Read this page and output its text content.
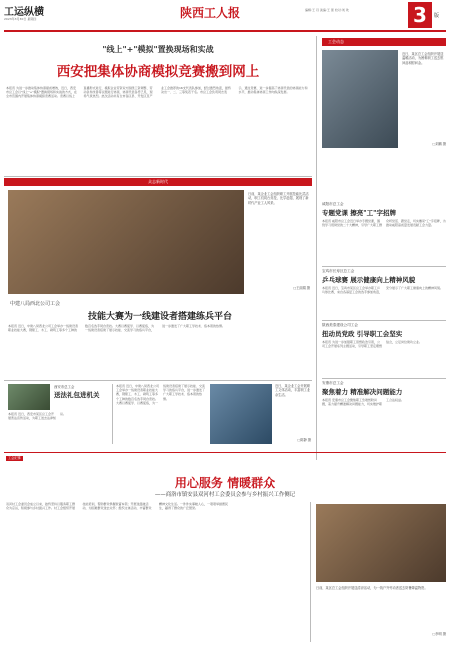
工运纵横
2023年3月30日 星期四	陕西工人报	编辑:王 丹 美编:王 蕾 校对:刘 欢	3	版
"线上"+"模拟"置换现场和实战
西安把集体协商模拟竞赛搬到网上
本报讯 为进一步推动集体协商提质增效，近日，西安市总工会以"线上"+"模拟"置换现场和实战的方式，在全市范围内开展集体协商模拟竞赛活动。竞赛以线上直播形式进行，模拟企业劳资双方围绕工资调整、劳动条件改善等议题进行协商，协商代表各抒己见，现场气氛热烈。此次活动共有全市各区县、开发区及产业工会推荐的16支代表队参加，经过激烈角逐，最终决出一、二、三等奖若干名。市总工会负责同志表示，通过竞赛，进一步提高了协商代表的协商能力和水平，推动集体协商工作向纵深发展。
工会动态
近日，某区总工会组织开展送温暖活动，为困难职工送去慰问品和慰问金。
□刘鹏 摄
众志新时代
日前，某企业工会组织职工开展技能比武活动，职工们同台竞技，比学赶超，展现了新时代产业工人风采。
□王丽娟 摄
中建八局西北公司工会
技能大赛为一线建设者搭建练兵平台
本报讯 近日，中建八局西北公司工会举办一线建设者职业技能大赛，钢筋工、木工、砌筑工等多个工种的数百名选手同台竞技。大赛以赛促学、以赛促练，为一线建设者搭建了展示技能、交流学习的练兵平台，进一步激发了广大职工学技术、练本领的热情。
咸阳市总工会
专题党课 擦亮"工"字招牌
本报讯 咸阳市总工会近日举办专题党课，围绕学习贯彻党的二十大精神，引导广大职工群众听党话、跟党走，切实擦亮"工"字招牌，为推动咸阳高质量发展贡献工会力量。
宝鸡市长寿区总工会
乒乓球赛 展示健康向上精神风貌
本报讯 近日，宝鸡市某区总工会举办职工乒乓球比赛，来自各基层工会的选手参加角逐，充分展示了广大职工健康向上的精神风貌。
陕西美泰建设公司工会
扭动员党政 引导职工会坚实
本报讯 为进一步加强职工思想政治引领，公司工会开展系列主题活动，引导职工坚定理想信念，立足岗位建功立业。
安康市总工会
聚焦着力 精准解决问题能力
本报讯 安康市总工会聚焦职工急难愁盼问题，着力提升精准解决问题能力，切实维护职工合法权益。
西安市总工会
送法礼包进机关
本报讯 近日，西安市某区总工会开展普法宣传活动，为职工送去法律知识。
本报讯 近日，中建八局西北公司工会举办一线建设者职业技能大赛，钢筋工、木工、砌筑工等多个工种的数百名选手同台竞技。大赛以赛促学、以赛促练，为一线建设者搭建了展示技能、交流学习的练兵平台，进一步激发了广大职工学技术、练本领的热情。
近日，某企业工会开展职工文体活动，丰富职工业余生活。
□陈静 摄
工会纪事
用心服务 情暖群众
——商洛市镇安县双河村工会委员会参与乡村振兴工作侧记
双河村工会委员会成立以来，始终坚持以服务职工群众为宗旨，积极参与乡村振兴工作。村工会组织开展技能培训，帮助群众掌握致富本领；开展送温暖活动，为困难群众送去关怀；组织文体活动，丰富群众精神文化生活。一件件实事暖人心，一项项举措惠民生，赢得了群众的广泛赞誉。
日前，某区总工会组织开展送清凉活动，为一线户外劳动者送去防暑降温物资。
□李明 摄
